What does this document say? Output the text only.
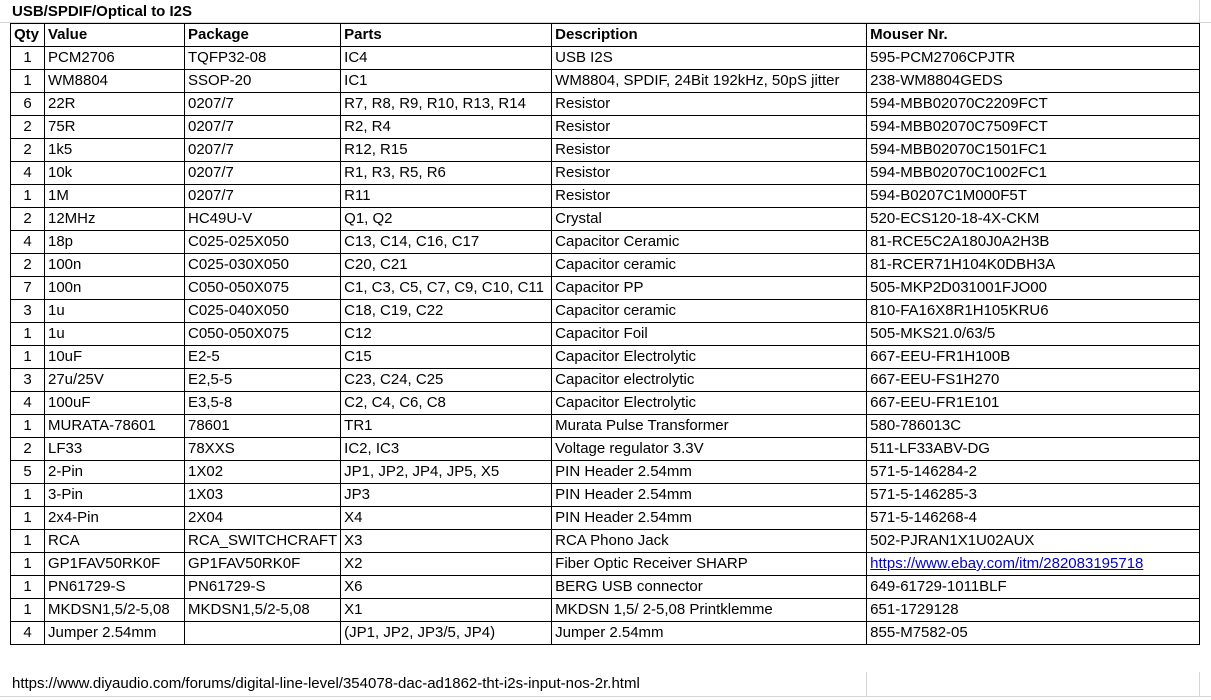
USB/SPDIF/Optical to I2S
Qty	Value	Package	Parts	Description	Mouser Nr.
1	PCM2706	TQFP32-08	IC4	USB I2S	595-PCM2706CPJTR
1	WM8804	SSOP-20	IC1	WM8804, SPDIF, 24Bit 192kHz, 50pS jitter	238-WM8804GEDS
6	22R	0207/7	R7, R8, R9, R10, R13, R14	Resistor	594-MBB02070C2209FCT
2	75R	0207/7	R2, R4	Resistor	594-MBB02070C7509FCT
2	1k5	0207/7	R12, R15	Resistor	594-MBB02070C1501FC1
4	10k	0207/7	R1, R3, R5, R6	Resistor	594-MBB02070C1002FC1
1	1M	0207/7	R11	Resistor	594-B0207C1M000F5T
2	12MHz	HC49U-V	Q1, Q2	Crystal	520-ECS120-18-4X-CKM
4	18p	C025-025X050	C13, C14, C16, C17	Capacitor Ceramic	81-RCE5C2A180J0A2H3B
2	100n	C025-030X050	C20, C21	Capacitor ceramic	81-RCER71H104K0DBH3A
7	100n	C050-050X075	C1, C3, C5, C7, C9, C10, C11	Capacitor PP	505-MKP2D031001FJO00
3	1u	C025-040X050	C18, C19, C22	Capacitor ceramic	810-FA16X8R1H105KRU6
1	1u	C050-050X075	C12	Capacitor Foil	505-MKS21.0/63/5
1	10uF	E2-5	C15	Capacitor Electrolytic	667-EEU-FR1H100B
3	27u/25V	E2,5-5	C23, C24, C25	Capacitor electrolytic	667-EEU-FS1H270
4	100uF	E3,5-8	C2, C4, C6, C8	Capacitor Electrolytic	667-EEU-FR1E101
1	MURATA-78601	78601	TR1	Murata Pulse Transformer	580-786013C
2	LF33	78XXS	IC2, IC3	Voltage regulator 3.3V	511-LF33ABV-DG
5	2-Pin	1X02	JP1, JP2, JP4, JP5, X5	PIN Header 2.54mm	571-5-146284-2
1	3-Pin	1X03	JP3	PIN Header 2.54mm	571-5-146285-3
1	2x4-Pin	2X04	X4	PIN Header 2.54mm	571-5-146268-4
1	RCA	RCA_SWITCHCRAFT	X3	RCA Phono Jack	502-PJRAN1X1U02AUX
1	GP1FAV50RK0F	GP1FAV50RK0F	X2	Fiber Optic Receiver SHARP	https://www.ebay.com/itm/282083195718
1	PN61729-S	PN61729-S	X6	BERG USB connector	649-61729-1011BLF
1	MKDSN1,5/2-5,08	MKDSN1,5/2-5,08	X1	MKDSN 1,5/ 2-5,08 Printklemme	651-1729128
4	Jumper 2.54mm		(JP1, JP2, JP3/5, JP4)	Jumper 2.54mm	855-M7582-05
https://www.diyaudio.com/forums/digital-line-level/354078-dac-ad1862-tht-i2s-input-nos-2r.html
